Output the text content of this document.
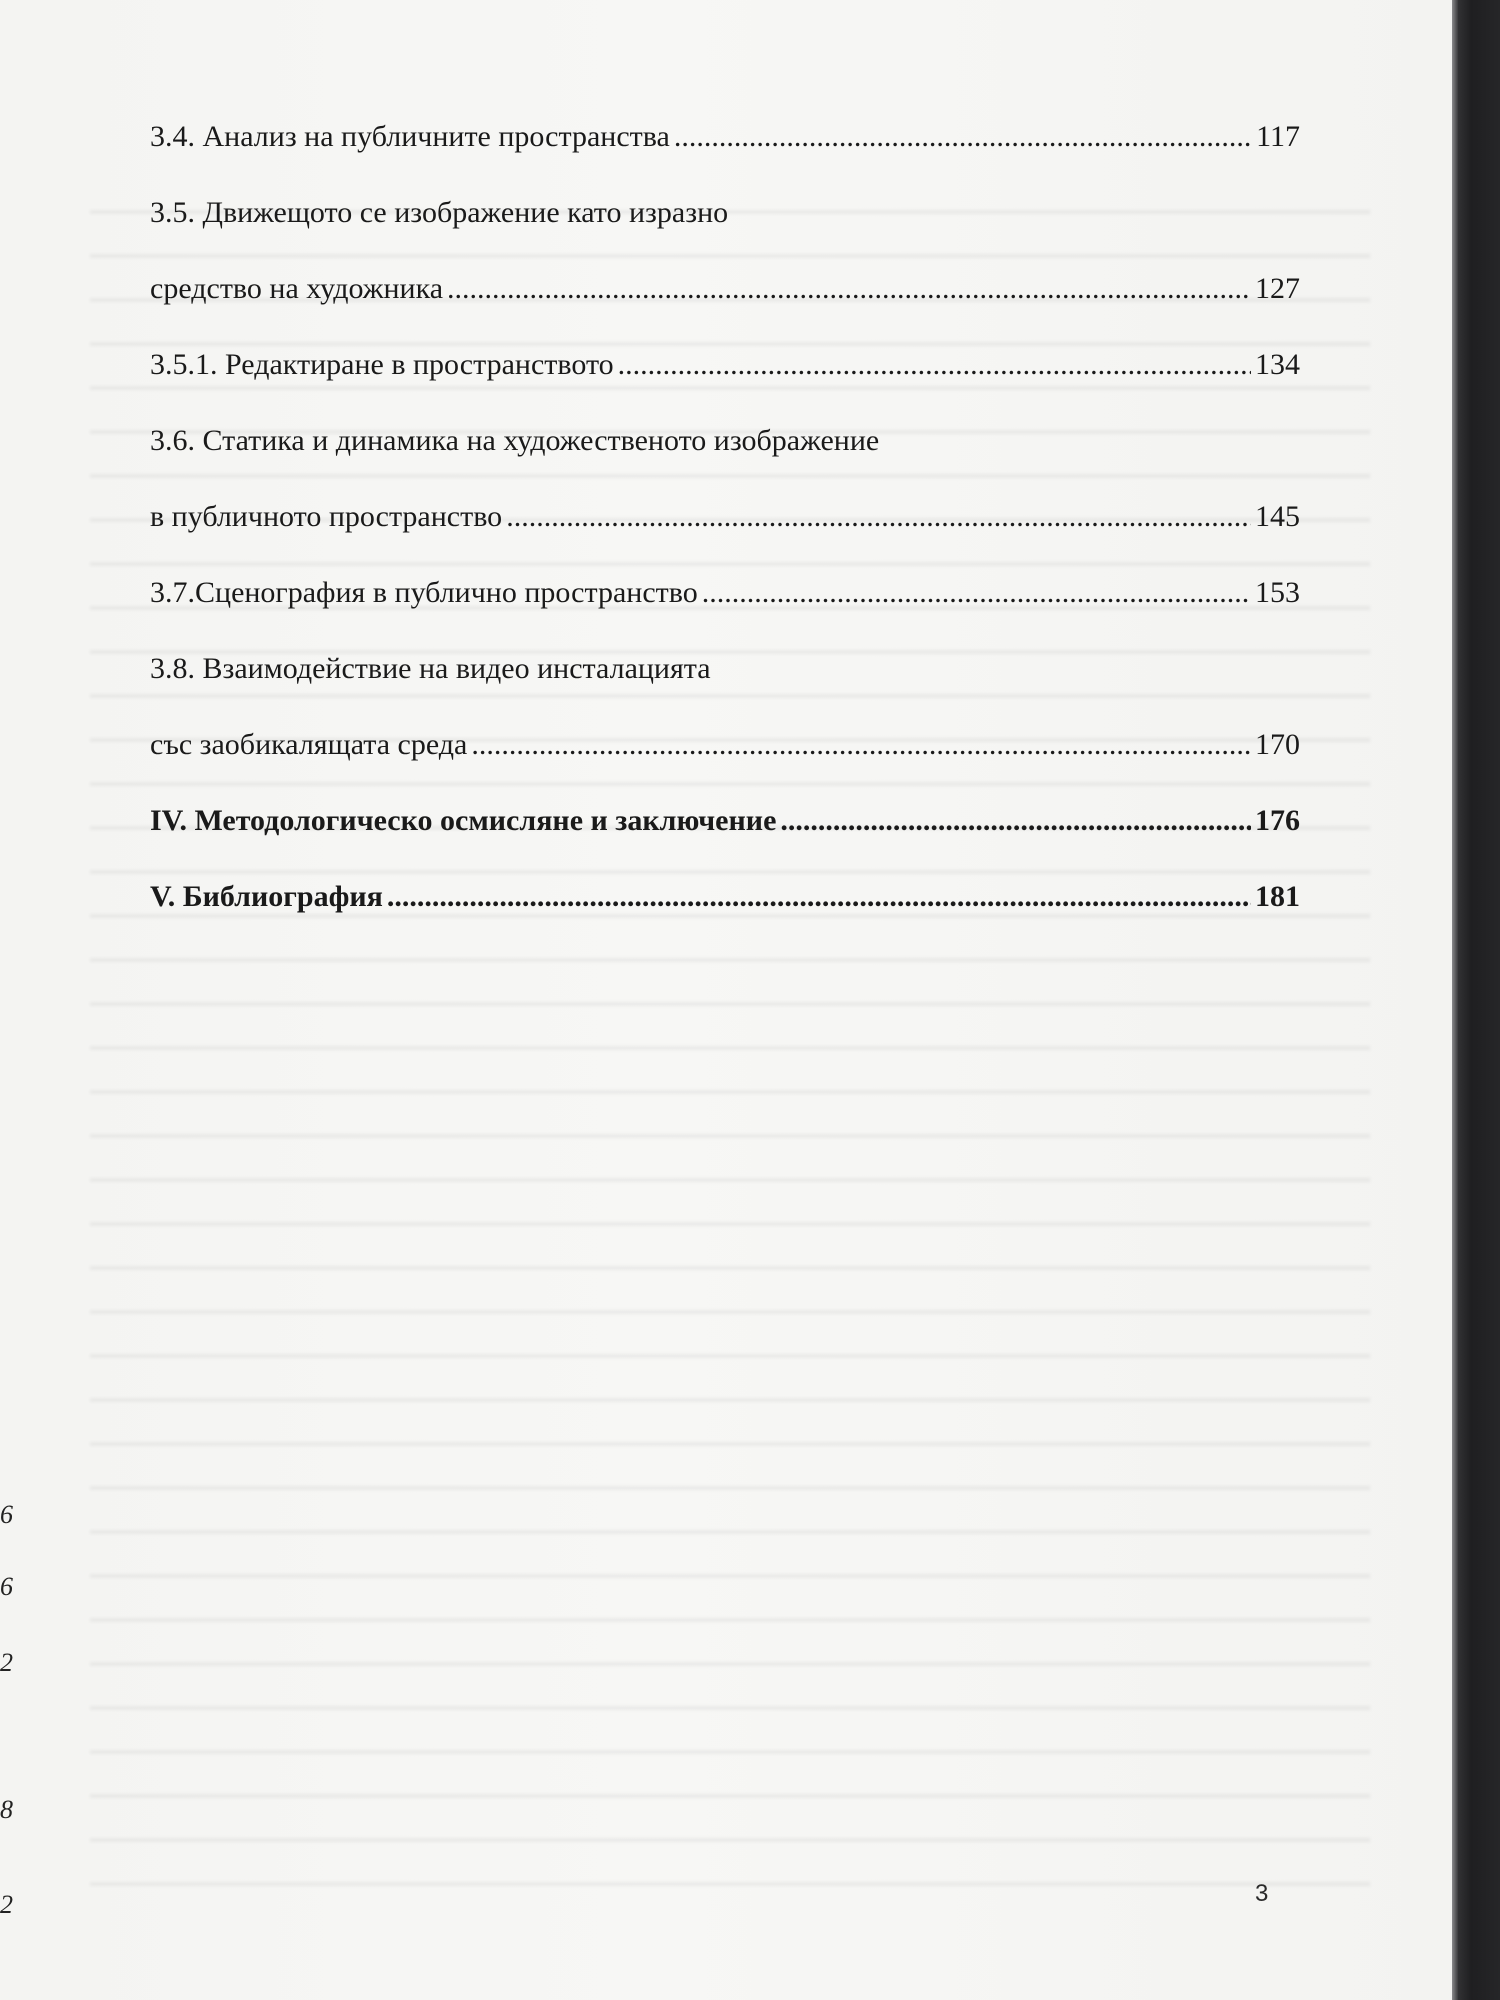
3.4. Анализ на публичните пространства .....	117
3.5. Движещото се изображение като изразно
средство на художника .....	127
3.5.1. Редактиране в пространството .....	134
3.6. Статика и динамика на художественото изображение
в публичното пространство .....	145
3.7.Сценография в публично пространство .....	153
3.8. Взаимодействие на видео инсталацията
със заобикалящата среда .....	170
IV. Методологическо осмисляне и заключение .....	176
V. Библиография .....	181
3
6
6
2
8
2
